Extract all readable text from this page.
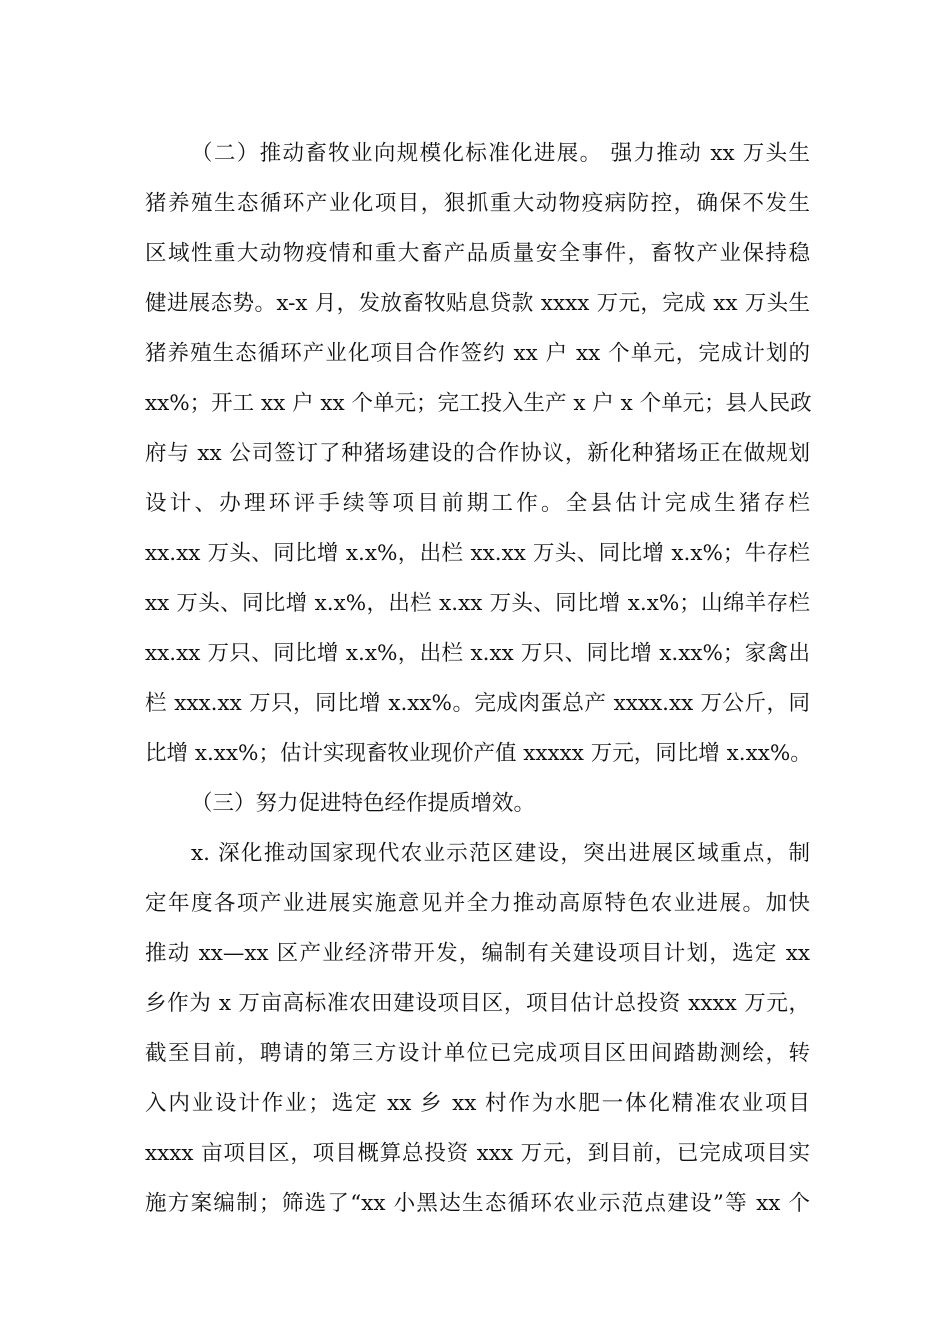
（二）推动畜牧业向规模化标准化进展。 强力推动 xx 万头生
猪养殖生态循环产业化项目，狠抓重大动物疫病防控，确保不发生
区域性重大动物疫情和重大畜产品质量安全事件，畜牧产业保持稳
健进展态势。x-x 月，发放畜牧贴息贷款 xxxx 万元，完成 xx 万头生
猪养殖生态循环产业化项目合作签约 xx 户 xx 个单元，完成计划的
xx%；开工 xx 户 xx 个单元；完工投入生产 x 户 x 个单元；县人民政
府与 xx 公司签订了种猪场建设的合作协议，新化种猪场正在做规划
设计、办理环评手续等项目前期工作。全县估计完成生猪存栏
xx.xx 万头、同比增 x.x%，出栏 xx.xx 万头、同比增 x.x%；牛存栏
xx 万头、同比增 x.x%，出栏 x.xx 万头、同比增 x.x%；山绵羊存栏
xx.xx 万只、同比增 x.x%，出栏 x.xx 万只、同比增 x.xx%；家禽出
栏 xxx.xx 万只，同比增 x.xx%。完成肉蛋总产 xxxx.xx 万公斤，同
比增 x.xx%；估计实现畜牧业现价产值 xxxxx 万元，同比增 x.xx%。
（三）努力促进特色经作提质增效。
x. 深化推动国家现代农业示范区建设，突出进展区域重点，制
定年度各项产业进展实施意见并全力推动高原特色农业进展。加快
推动 xx—xx 区产业经济带开发，编制有关建设项目计划，选定 xx
乡作为 x 万亩高标准农田建设项目区，项目估计总投资 xxxx 万元，
截至目前，聘请的第三方设计单位已完成项目区田间踏勘测绘，转
入内业设计作业；选定 xx 乡 xx 村作为水肥一体化精准农业项目
xxxx 亩项目区，项目概算总投资 xxx 万元，到目前，已完成项目实
施方案编制；筛选了“xx 小黑达生态循环农业示范点建设”等 xx 个
